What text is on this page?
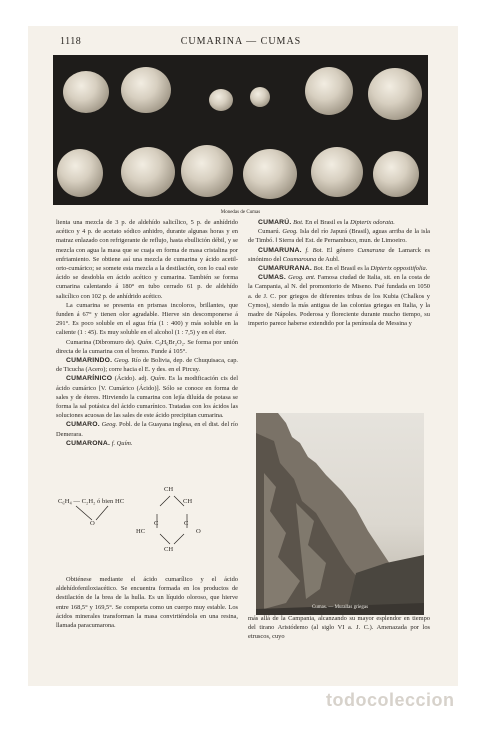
1118	CUMARINA — CUMAS
Monedas de Cumas

lienta una mezcla de 3 p. de aldehído salicílico, 5 p. de anhídrido acético y 4 p. de acetato sódico anhidro, durante algunas horas y en matraz enlazado con refrigerante de reflujo, hasta ebullición débil, y se mezcla con agua la masa que se cuaja en forma de masa cristalina por enfriamiento. Se obtiene así una mezcla de cumarina y ácido acetil-orto-cumárico; se somete esta mezcla a la destilación, con lo cual este ácido se desdobla en ácido acético y cumarina. También se forma cumarina calentando á 180° en tubo cerrado 61 p. de aldehído salicílico con 102 p. de anhídrido acético.

La cumarina se presenta en prismas incoloros, brillantes, que funden á 67° y tienen olor agradable. Hierve sin descomponerse á 291°. Es poco soluble en el agua fría (1 : 400) y más soluble en la caliente (1 : 45). Es muy soluble en el alcohol (1 : 7,5) y en el éter.

Cumarina (Dibromuro de). Quím. C₉H₆Br₂O₂. Se forma por unión directa de la cumarina con el bromo. Funde á 105°.

CUMARINDO. Geog. Río de Bolivia, dep. de Chuquisaca, cap. de Ticucha (Acero); corre hacia el E. y des. en el Pircuy.

CUMARÍNICO (Ácido). adj. Quím. Es la modificación cis del ácido cumárico [V. Cumárico (Ácido)]. Sólo se conoce en forma de sales y de éteres. Hirviendo la cumarina con lejía diluída de potasa se forma la sal potásica del ácido cumarínico. Tratadas con los ácidos las soluciones acuosas de las sales de este ácido precipitan cumarina.

CUMARO. Geog. Pobl. de la Guayana inglesa, en el dist. del río Demerara.

CUMARONA. f. Quím.

CH
C₆H₄ — C₂H₂ ó bien HC	CH
O	C	C
HC	O
CH

Obtiénese mediante el ácido cumarílico y el ácido aldehídofeniloxiacético. Se encuentra formada en los productos de destilación de la brea de la hulla. Es un líquido oloroso, que hierve entre 168,5° y 169,5°. Se comporta como un cuerpo muy estable. Los ácidos minerales transforman la masa convirtiéndola en una resina, llamada paracumarona.

CUMARÚ. Bot. En el Brasil es la Dipterix odorata.

Cumarú. Geog. Isla del río Japurá (Brasil), aguas arriba de la isla de Timbó. ‖ Sierra del Est. de Pernambuco, mun. de Limoeiro.

CUMARUNA. f. Bot. El género Cumaruna de Lamarck es sinónimo del Coumarouna de Aubl.

CUMARURANA. Bot. En el Brasil es la Dipterix oppositifolia.

CUMAS. Geog. ant. Famosa ciudad de Italia, sit. en la costa de la Campania, al N. del promontorio de Miseno. Fué fundada en 1050 a. de J. C. por griegos de diferentes tribus de los Kubia (Chalkos y Cymos), siendo la más antigua de las colonias griegas en Italia, y la madre de Nápoles. Poderosa y floreciente durante mucho tiempo, su imperio parece haberse extendido por la península de Messina y

Cumas. — Murallas griegas

más allá de la Campania, alcanzando su mayor esplendor en tiempo del tirano Aristódemo (al siglo VI a. J. C.). Amenazada por los etruscos, cuyo

todocoleccion
